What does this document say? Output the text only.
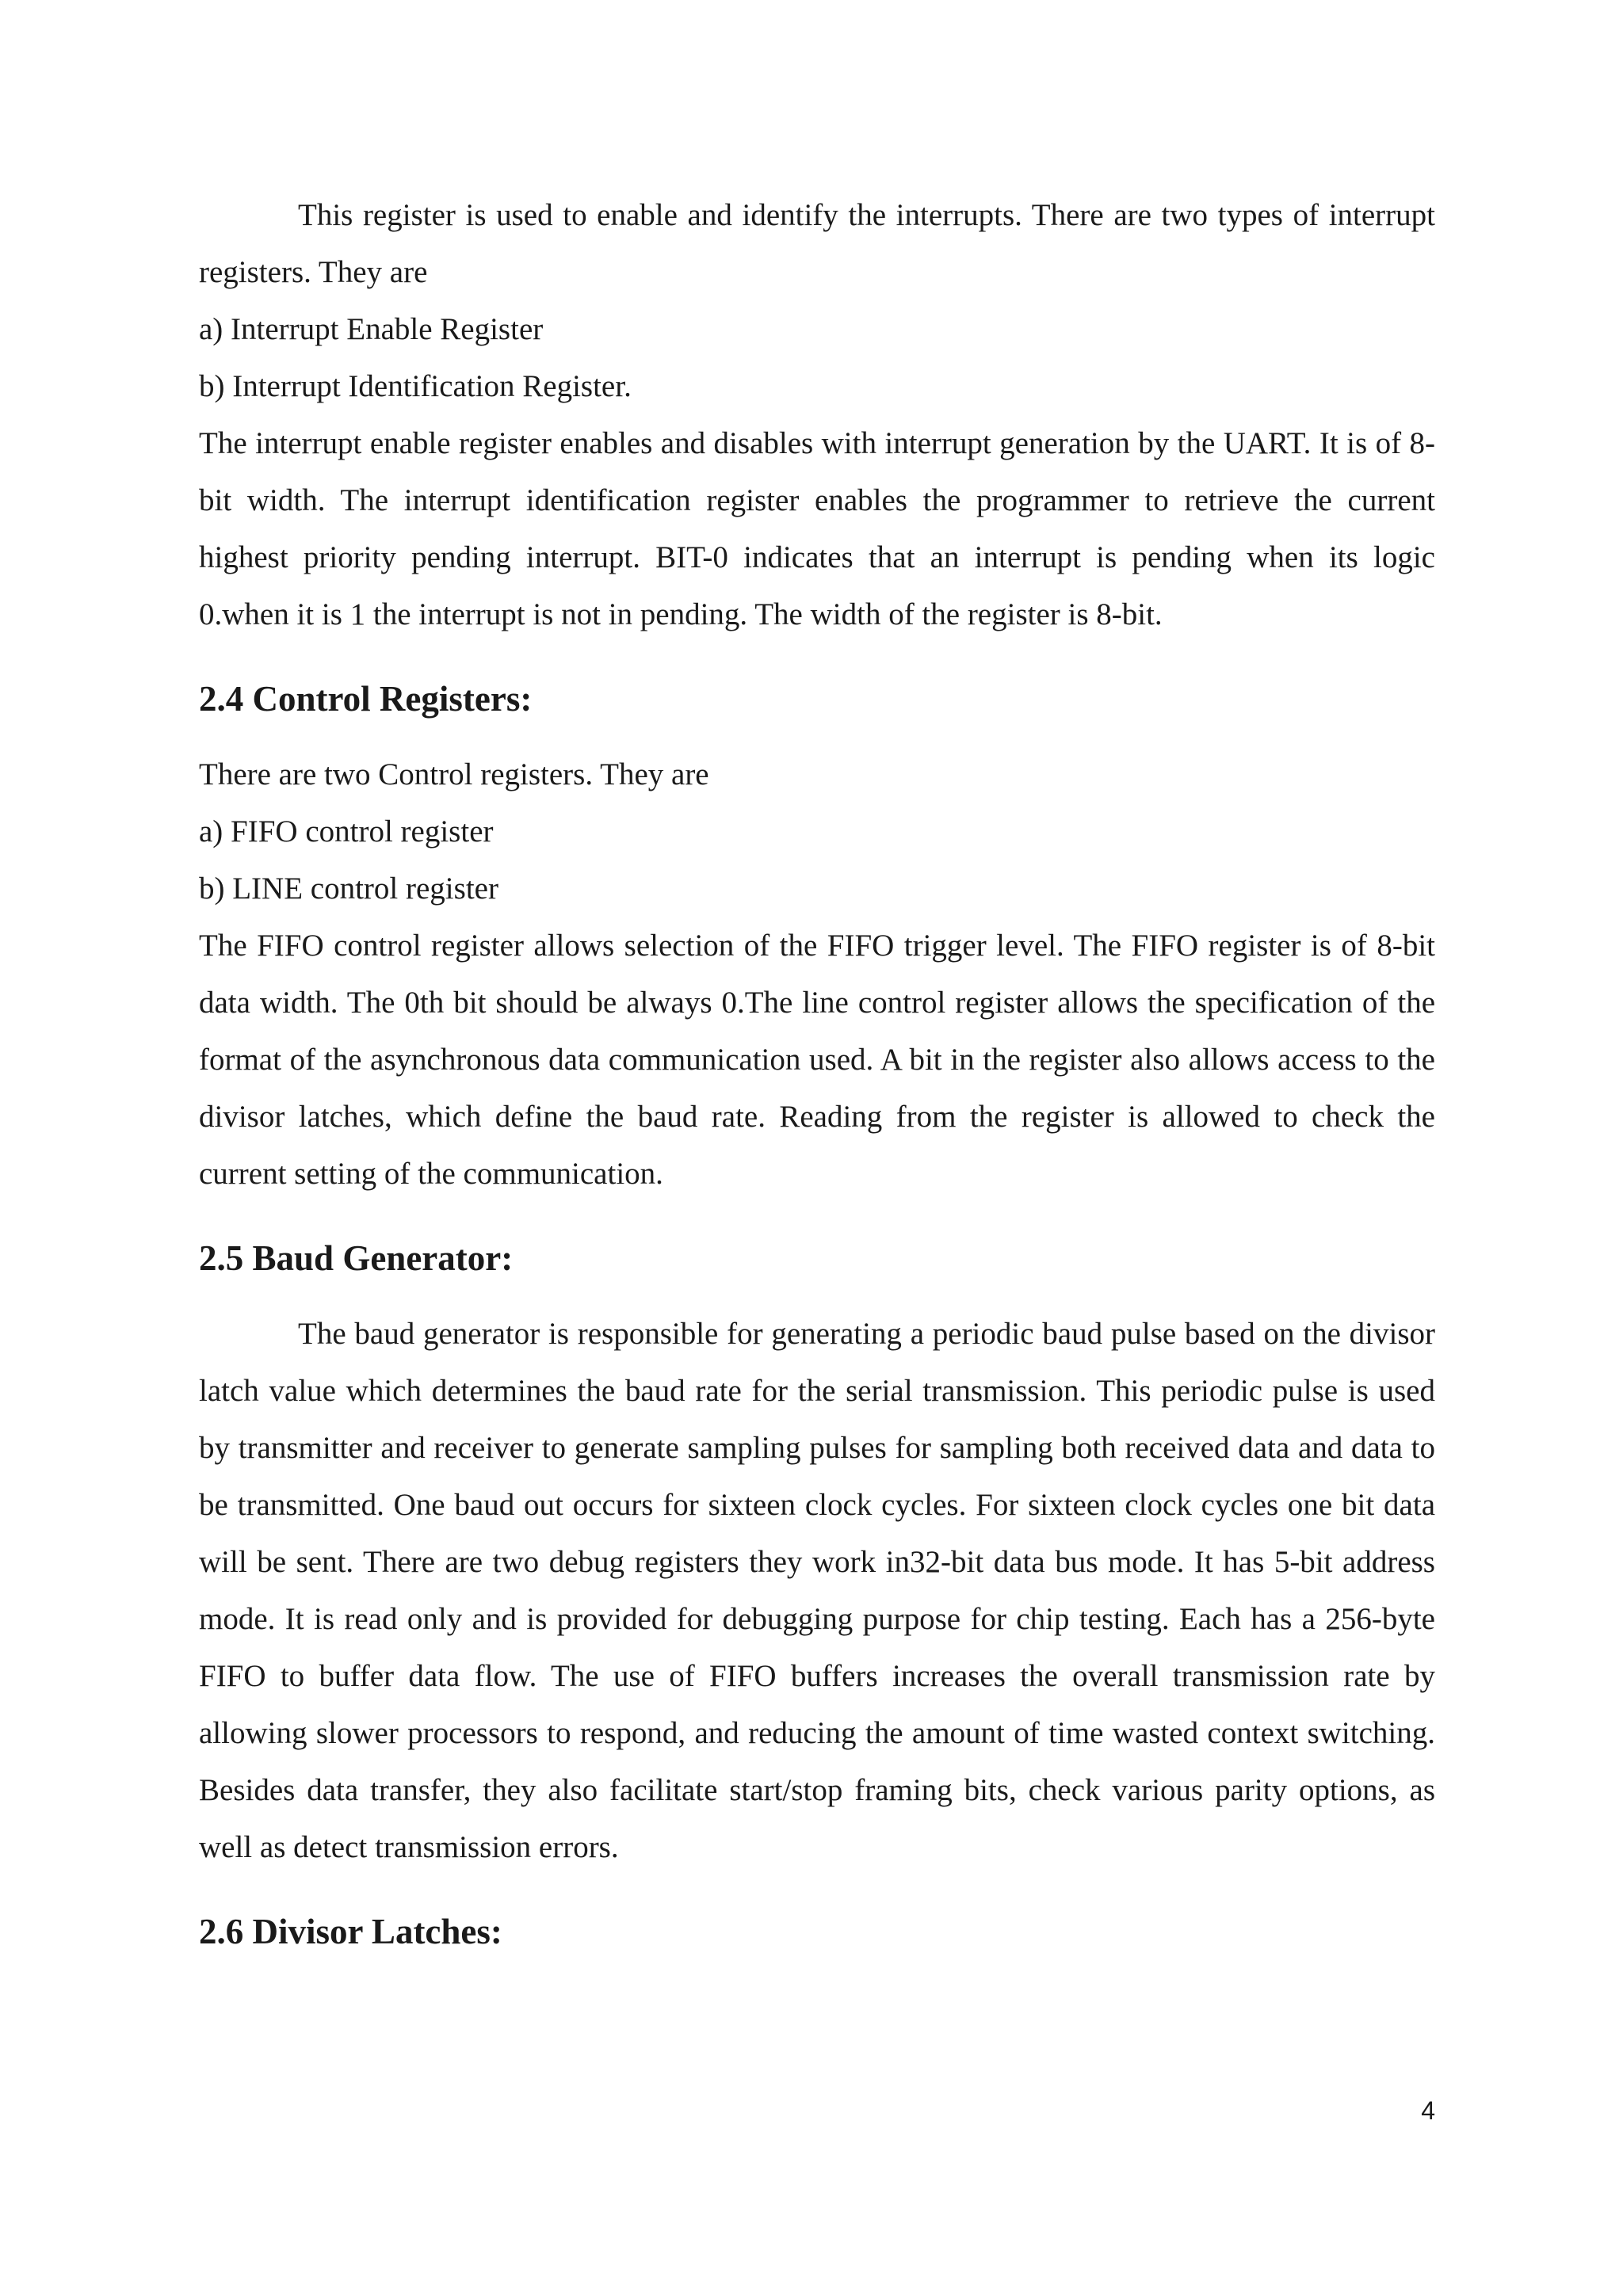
This register is used to enable and identify the interrupts. There are two types of interrupt registers. They are

a) Interrupt Enable Register

b) Interrupt Identification Register.

The interrupt enable register enables and disables with interrupt generation by the UART. It is of 8-bit width. The interrupt identification register enables the programmer to retrieve the current highest priority pending interrupt. BIT-0 indicates that an interrupt is pending when its logic 0.when it is 1 the interrupt is not in pending. The width of the register is 8-bit.

2.4 Control Registers:

There are two Control registers. They are

a) FIFO control register

b) LINE control register

The FIFO control register allows selection of the FIFO trigger level. The FIFO register is of 8-bit data width. The 0th bit should be always 0.The line control register allows the specification of the format of the asynchronous data communication used. A bit in the register also allows access to the divisor latches, which define the baud rate. Reading from the register is allowed to check the current setting of the communication.

2.5 Baud Generator:

The baud generator is responsible for generating a periodic baud pulse based on the divisor latch value which determines the baud rate for the serial transmission. This periodic pulse is used by transmitter and receiver to generate sampling pulses for sampling both received data and data to be transmitted. One baud out occurs for sixteen clock cycles. For sixteen clock cycles one bit data will be sent. There are two debug registers they work in32-bit data bus mode. It has 5-bit address mode. It is read only and is provided for debugging purpose for chip testing. Each has a 256-byte FIFO to buffer data flow. The use of FIFO buffers increases the overall transmission rate by allowing slower processors to respond, and reducing the amount of time wasted context switching. Besides data transfer, they also facilitate start/stop framing bits, check various parity options, as well as detect transmission errors.

2.6 Divisor Latches:
4
